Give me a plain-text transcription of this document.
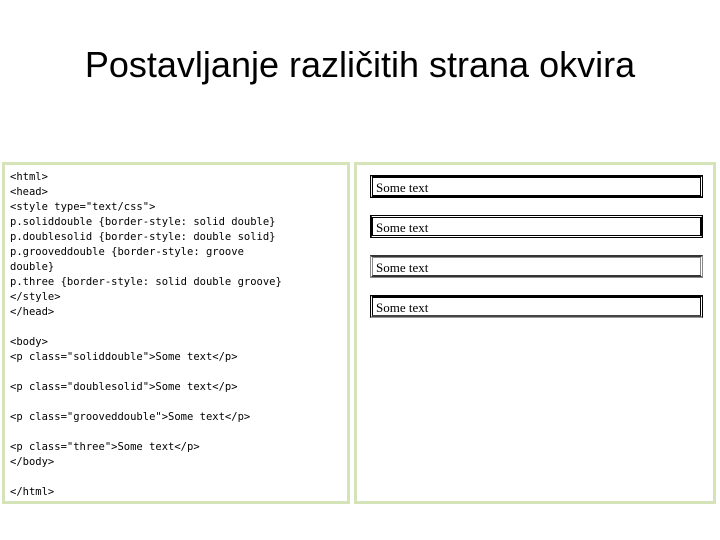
Postavljanje različitih strana okvira
<html>
<head>
<style type="text/css">
p.soliddouble {border-style: solid double}
p.doublesolid {border-style: double solid}
p.grooveddouble {border-style: groove
double}
p.three {border-style: solid double groove}
</style>
</head>
<body>
<p class="soliddouble">Some text</p>
<p class="doublesolid">Some text</p>
<p class="grooveddouble">Some text</p>
<p class="three">Some text</p>
</body>
</html>
Some text
Some text
Some text
Some text
